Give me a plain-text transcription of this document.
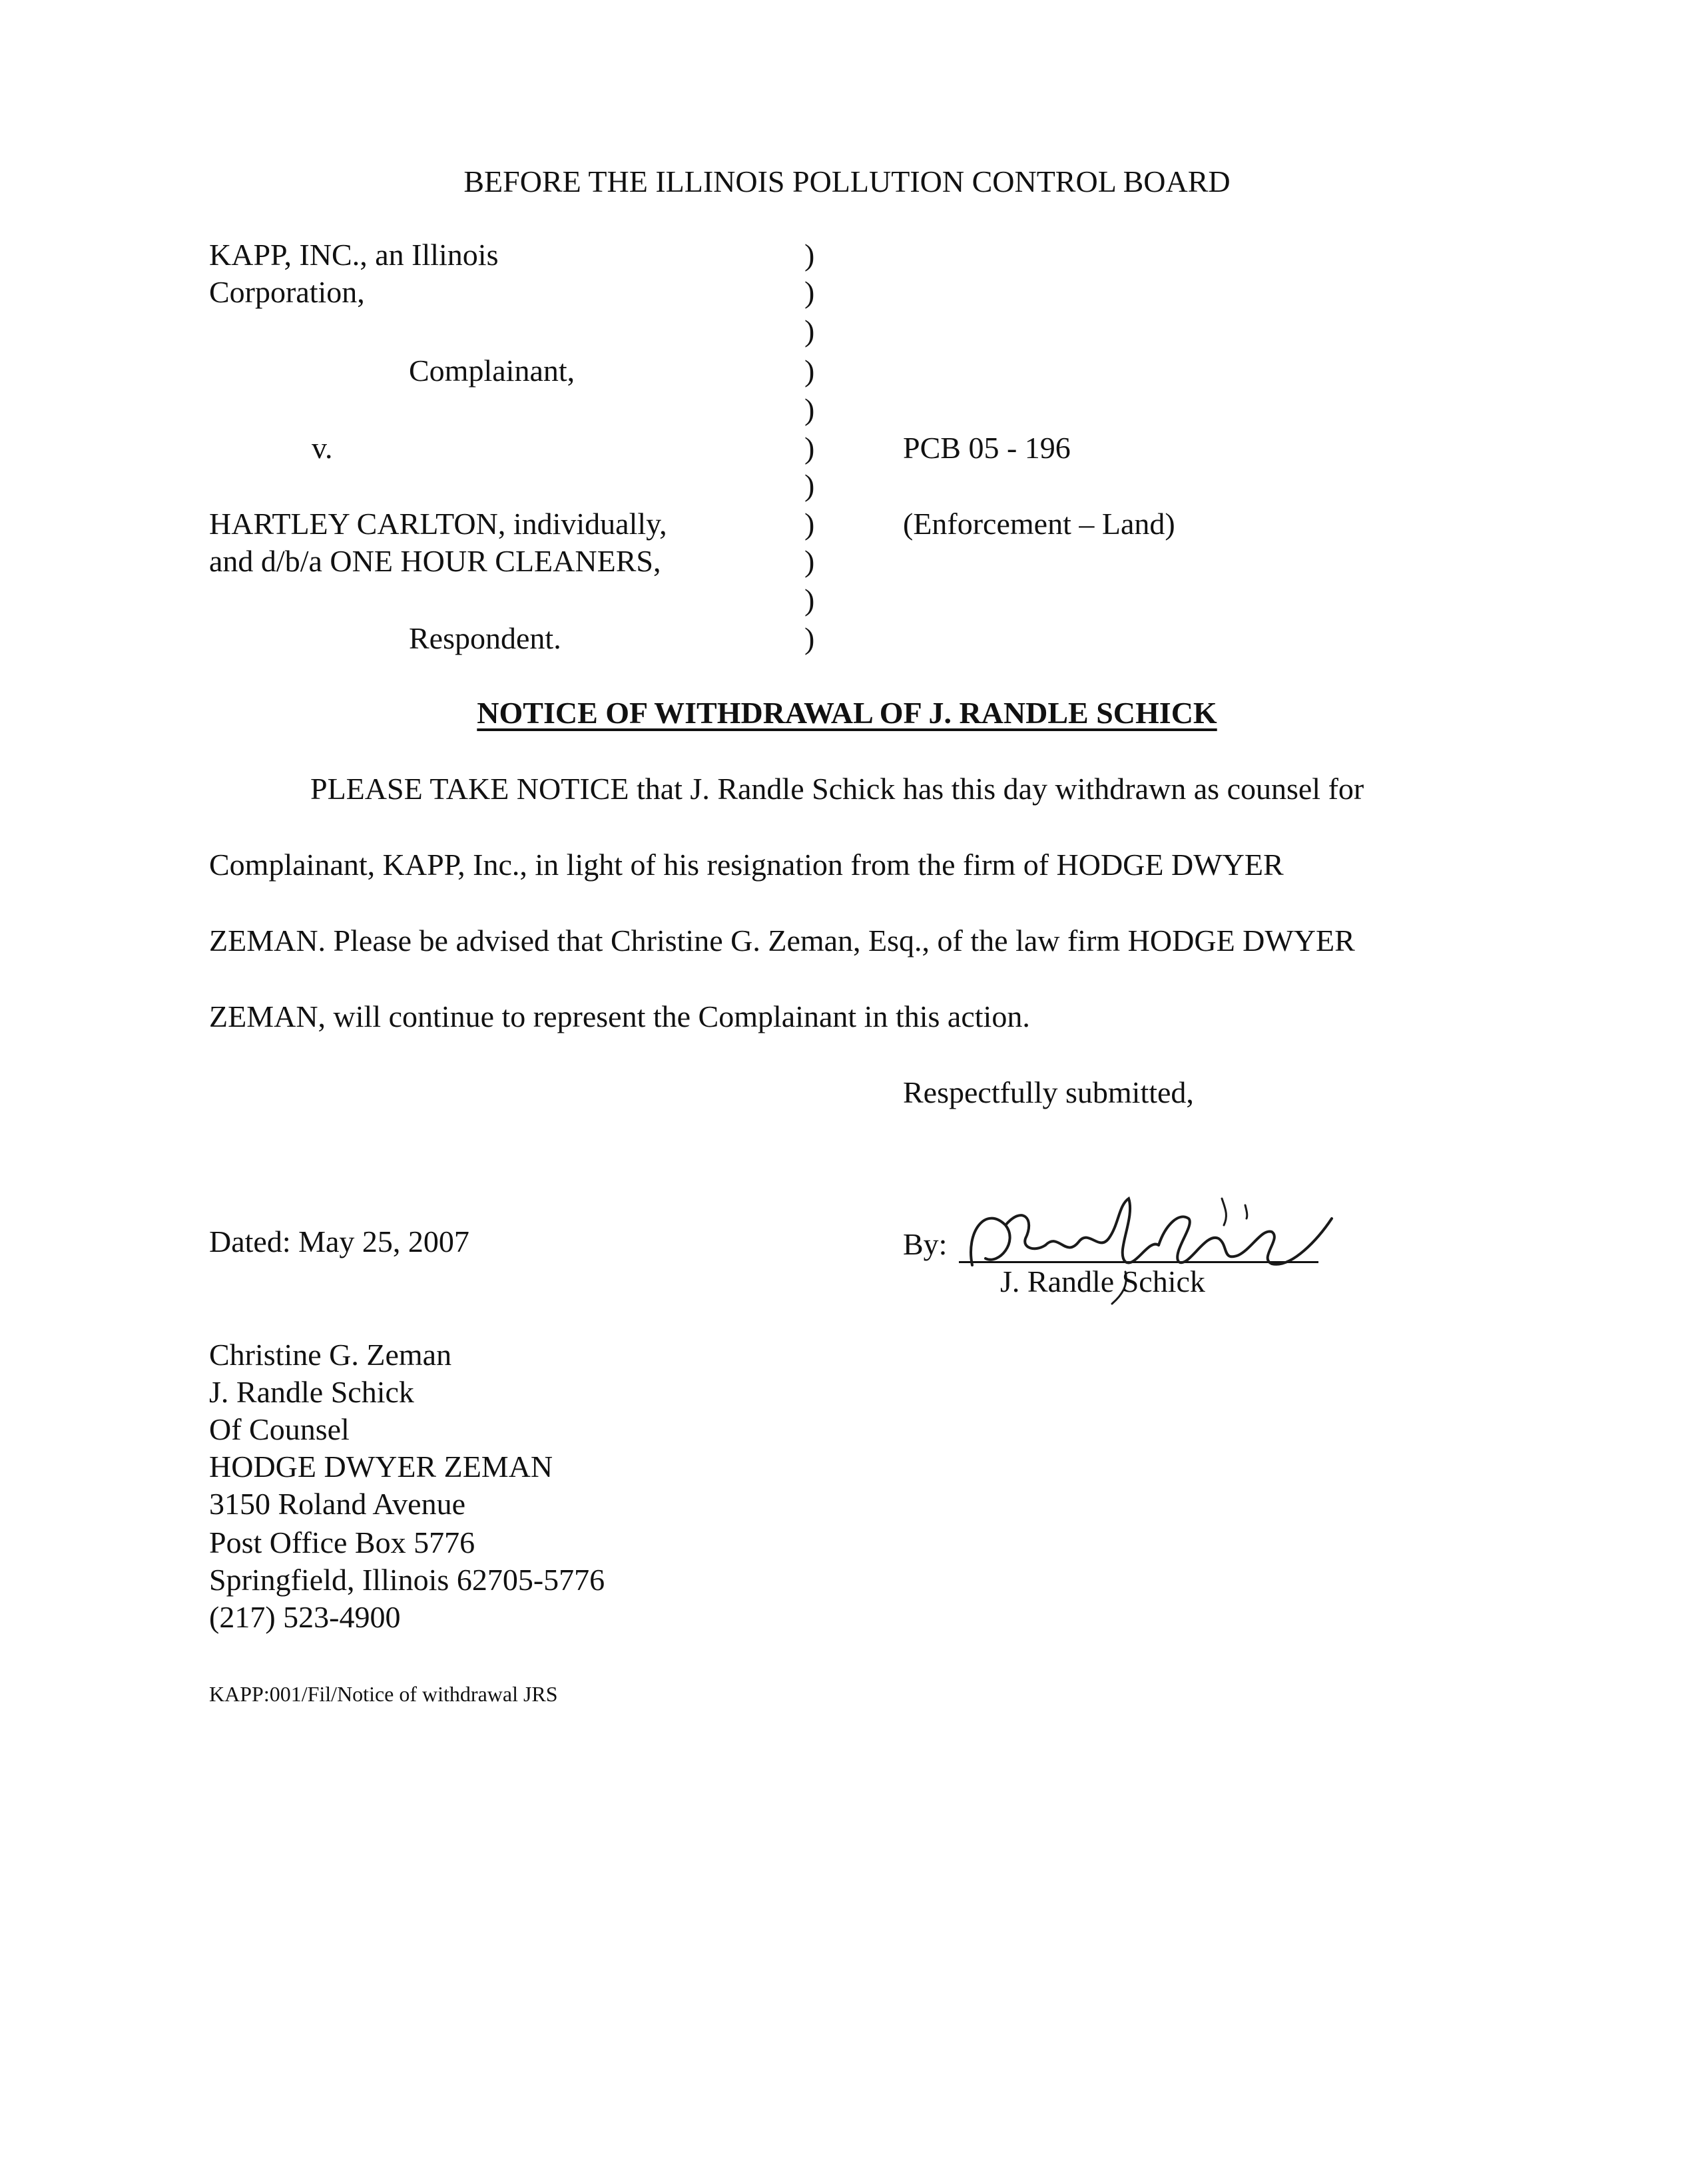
BEFORE THE ILLINOIS POLLUTION CONTROL BOARD
KAPP, INC., an Illinois
Corporation,
Complainant,
v.
HARTLEY CARLTON, individually,
and d/b/a ONE HOUR CLEANERS,
Respondent.
)
)
)
)
)
)
)
)
)
)
)
PCB 05 - 196
(Enforcement – Land)
NOTICE OF WITHDRAWAL OF J. RANDLE SCHICK
PLEASE TAKE NOTICE that J. Randle Schick has this day withdrawn as counsel for
Complainant, KAPP, Inc., in light of his resignation from the firm of HODGE DWYER
ZEMAN. Please be advised that Christine G. Zeman, Esq., of the law firm HODGE DWYER
ZEMAN, will continue to represent the Complainant in this action.
Respectfully submitted,
Dated: May 25, 2007	By:
J. Randle Schick
Christine G. Zeman
J. Randle Schick
Of Counsel
HODGE DWYER ZEMAN
3150 Roland Avenue
Post Office Box 5776
Springfield, Illinois 62705-5776
(217) 523-4900
KAPP:001/Fil/Notice of withdrawal JRS
